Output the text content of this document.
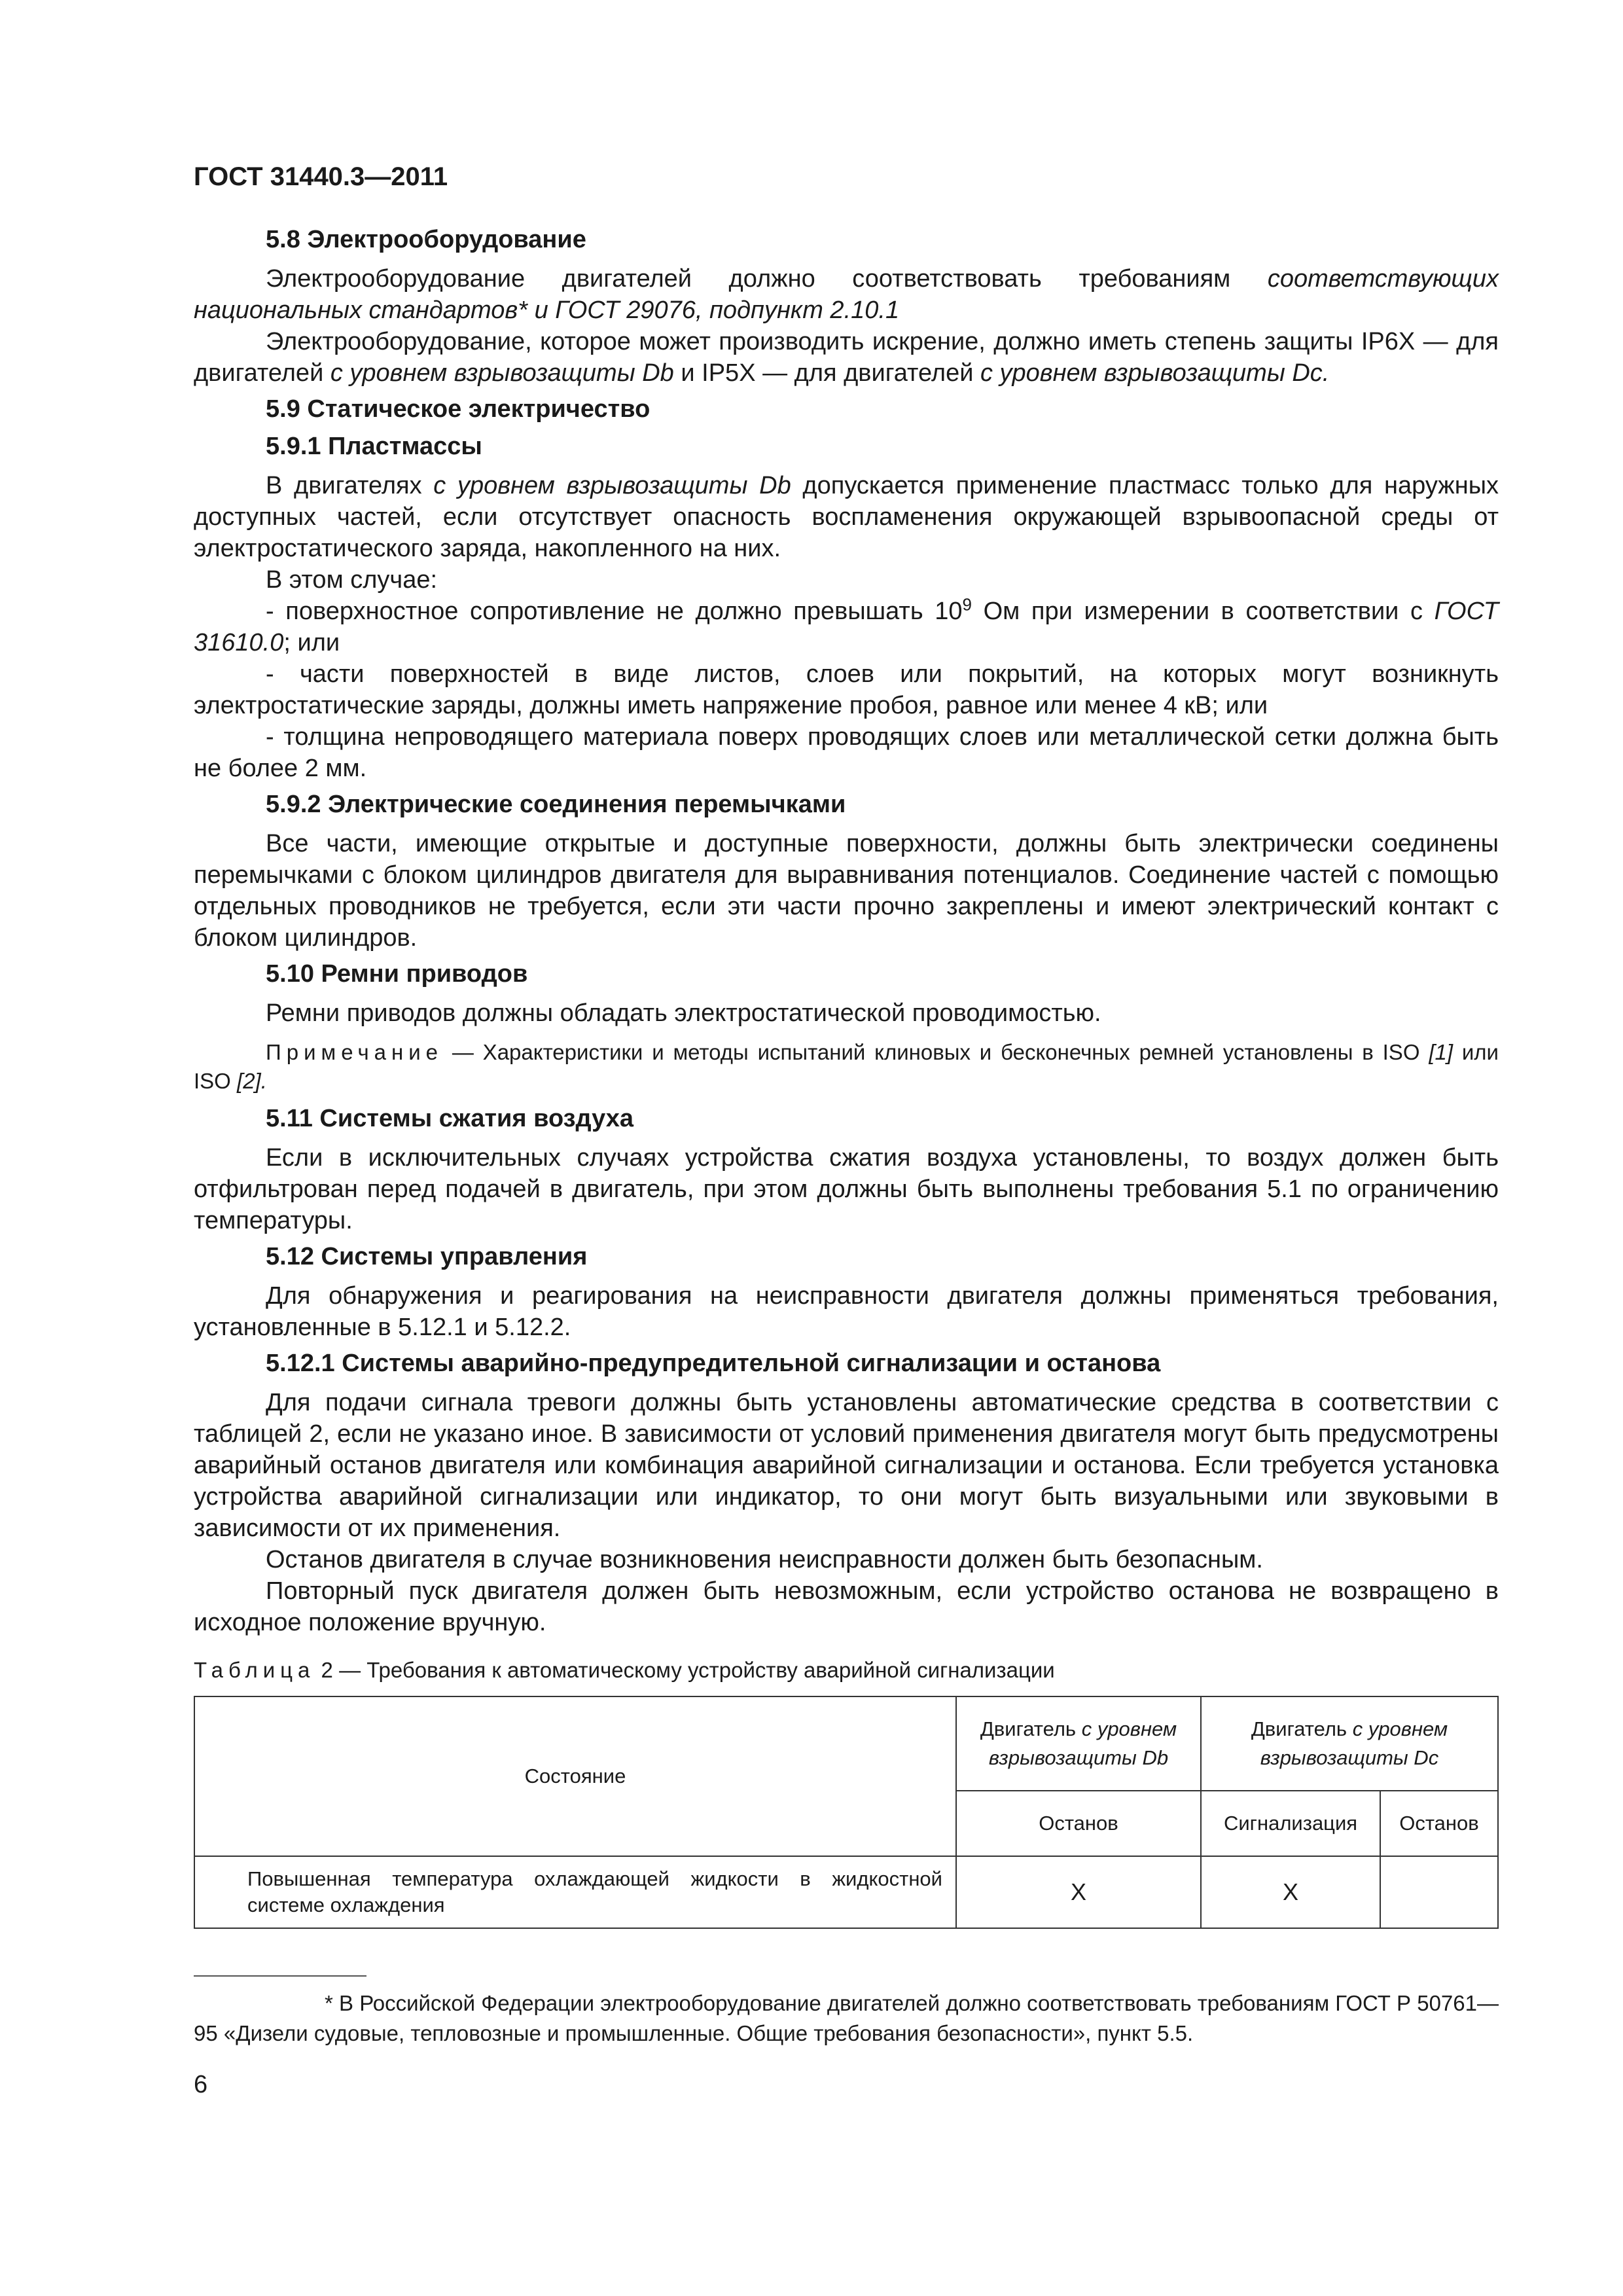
ГОСТ 31440.3—2011
5.8 Электрооборудование

Электрооборудование двигателей должно соответствовать требованиям соответствующих национальных стандартов* и ГОСТ 29076, подпункт 2.10.1

Электрооборудование, которое может производить искрение, должно иметь степень защиты IP6X — для двигателей с уровнем взрывозащиты Db и IP5X — для двигателей с уровнем взрывозащиты Dc.

5.9 Статическое электричество
5.9.1 Пластмассы

В двигателях с уровнем взрывозащиты Db допускается применение пластмасс только для наружных доступных частей, если отсутствует опасность воспламенения окружающей взрывоопасной среды от электростатического заряда, накопленного на них.

В этом случае:

- поверхностное сопротивление не должно превышать $10^9$ Ом при измерении в соответствии с ГОСТ 31610.0; или

- части поверхностей в виде листов, слоев или покрытий, на которых могут возникнуть электростатические заряды, должны иметь напряжение пробоя, равное или менее 4 кВ; или

- толщина непроводящего материала поверх проводящих слоев или металлической сетки должна быть не более 2 мм.

5.9.2 Электрические соединения перемычками

Все части, имеющие открытые и доступные поверхности, должны быть электрически соединены перемычками с блоком цилиндров двигателя для выравнивания потенциалов. Соединение частей с помощью отдельных проводников не требуется, если эти части прочно закреплены и имеют электрический контакт с блоком цилиндров.

5.10 Ремни приводов

Ремни приводов должны обладать электростатической проводимостью.

Примечание — Характеристики и методы испытаний клиновых и бесконечных ремней установлены в ISO [1] или ISO [2].

5.11 Системы сжатия воздуха

Если в исключительных случаях устройства сжатия воздуха установлены, то воздух должен быть отфильтрован перед подачей в двигатель, при этом должны быть выполнены требования 5.1 по ограничению температуры.

5.12 Системы управления

Для обнаружения и реагирования на неисправности двигателя должны применяться требования, установленные в 5.12.1 и 5.12.2.

5.12.1 Системы аварийно-предупредительной сигнализации и останова

Для подачи сигнала тревоги должны быть установлены автоматические средства в соответствии с таблицей 2, если не указано иное. В зависимости от условий применения двигателя могут быть предусмотрены аварийный останов двигателя или комбинация аварийной сигнализации и останова. Если требуется установка устройства аварийной сигнализации или индикатор, то они могут быть визуальными или звуковыми в зависимости от их применения.

Останов двигателя в случае возникновения неисправности должен быть безопасным.

Повторный пуск двигателя должен быть невозможным, если устройство останова не возвращено в исходное положение вручную.

Таблица 2 — Требования к автоматическому устройству аварийной сигнализации
Состояние	Двигатель с уровнем взрывозащиты Db	Двигатель с уровнем взрывозащиты Dc	
	Останов	Сигнализация	Останов
Повышенная температура охлаждающей жидкости в жидкостной системе охлаждения	X	X	
* В Российской Федерации электрооборудование двигателей должно соответствовать требованиям ГОСТ Р 50761—95 «Дизели судовые, тепловозные и промышленные. Общие требования безопасности», пункт 5.5.
6
